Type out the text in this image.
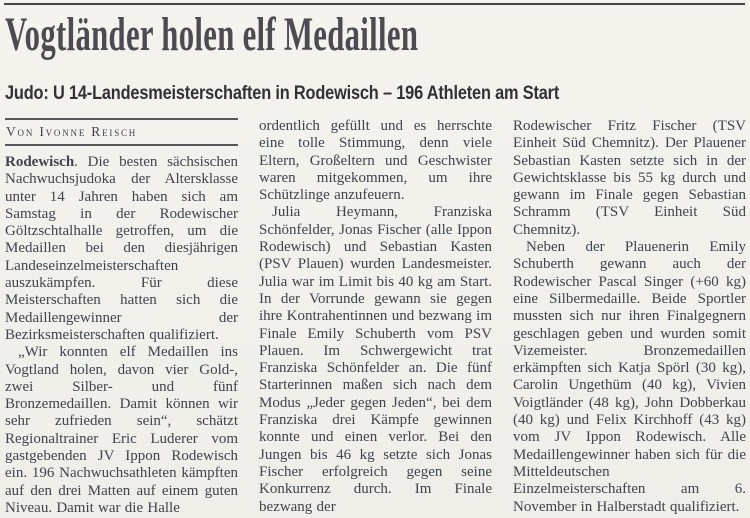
Vogtländer holen elf Medaillen
Judo: U 14-Landesmeisterschaften in Rodewisch – 196 Athleten am Start
Von Ivonne Reisch

Rodewisch. Die besten sächsischen Nachwuchsjudoka der Altersklasse unter 14 Jahren haben sich am Samstag in der Rodewischer Göltzschtalhalle getroffen, um die Medaillen bei den diesjährigen Landeseinzelmeisterschaften auszukämpfen. Für diese Meisterschaften hatten sich die Medaillengewinner der Bezirksmeisterschaften qualifiziert.

„Wir konnten elf Medaillen ins Vogtland holen, davon vier Gold-, zwei Silber- und fünf Bronzemedaillen. Damit können wir sehr zufrieden sein“, schätzt Regionaltrainer Eric Luderer vom gastgebenden JV Ippon Rodewisch ein. 196 Nachwuchsathleten kämpften auf den drei Matten auf einem guten Niveau. Damit war die Halle

ordentlich gefüllt und es herrschte eine tolle Stimmung, denn viele Eltern, Großeltern und Geschwister waren mitgekommen, um ihre Schützlinge anzufeuern.

Julia Heymann, Franziska Schönfelder, Jonas Fischer (alle Ippon Rodewisch) und Sebastian Kasten (PSV Plauen) wurden Landesmeister. Julia war im Limit bis 40 kg am Start. In der Vorrunde gewann sie gegen ihre Kontrahentinnen und bezwang im Finale Emily Schuberth vom PSV Plauen. Im Schwergewicht trat Franziska Schönfelder an. Die fünf Starterinnen maßen sich nach dem Modus „Jeder gegen Jeden“, bei dem Franziska drei Kämpfe gewinnen konnte und einen verlor. Bei den Jungen bis 46 kg setzte sich Jonas Fischer erfolgreich gegen seine Konkurrenz durch. Im Finale bezwang der

Rodewischer Fritz Fischer (TSV Einheit Süd Chemnitz). Der Plauener Sebastian Kasten setzte sich in der Gewichtsklasse bis 55 kg durch und gewann im Finale gegen Sebastian Schramm (TSV Einheit Süd Chemnitz).

Neben der Plauenerin Emily Schuberth gewann auch der Rodewischer Pascal Singer (+60 kg) eine Silbermedaille. Beide Sportler mussten sich nur ihren Finalgegnern geschlagen geben und wurden somit Vizemeister. Bronzemedaillen erkämpften sich Katja Spörl (30 kg), Carolin Ungethüm (40 kg), Vivien Voigtländer (48 kg), John Dobberkau (40 kg) und Felix Kirchhoff (43 kg) vom JV Ippon Rodewisch. Alle Medaillengewinner haben sich für die Mitteldeutschen Einzelmeisterschaften am 6. November in Halberstadt qualifiziert.
